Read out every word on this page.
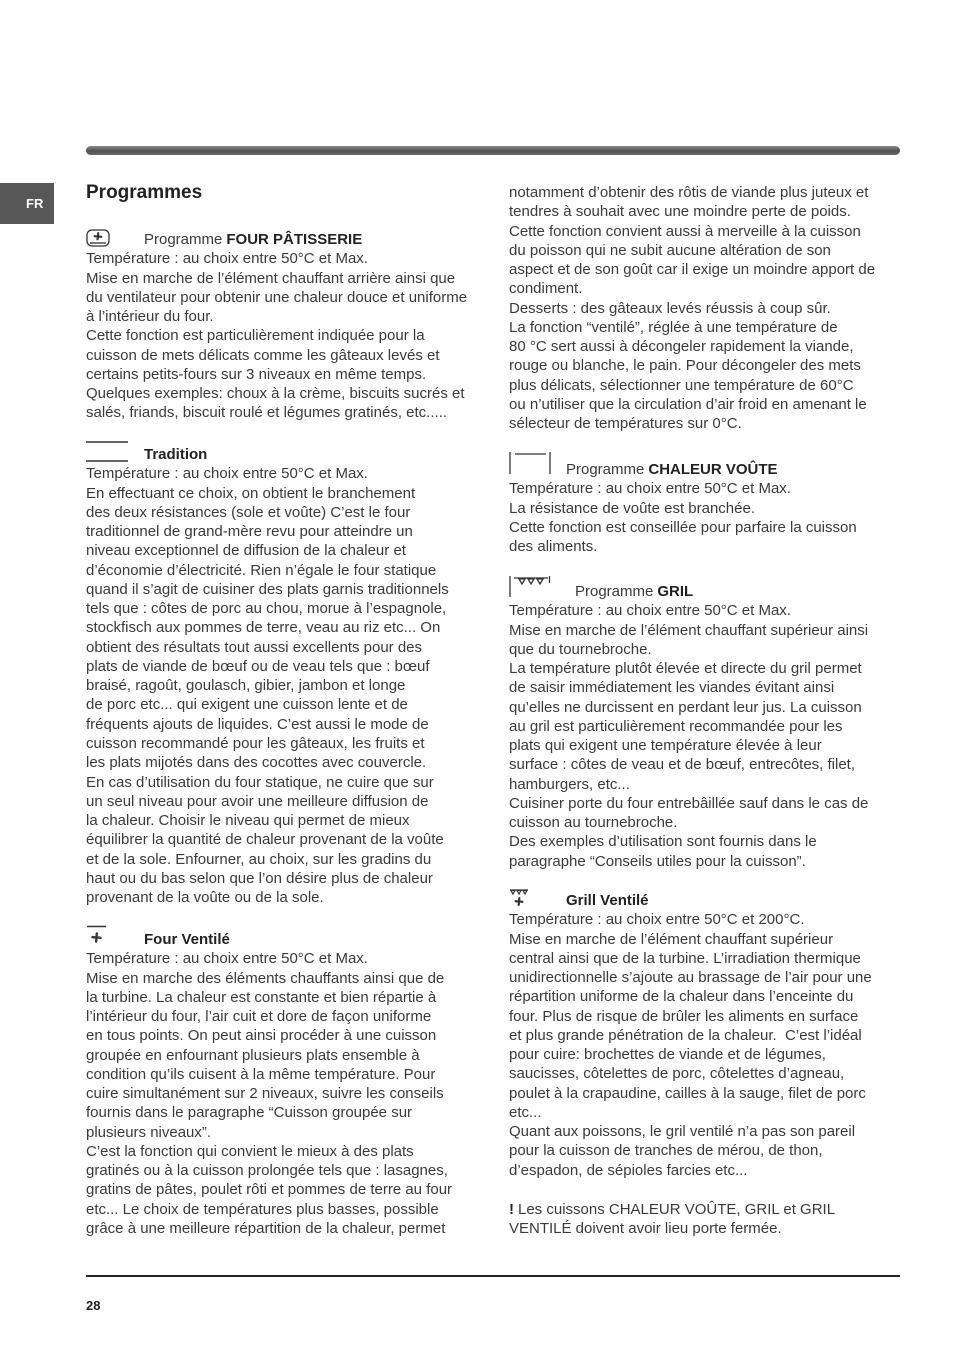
FR
Programmes
Programme FOUR PÂTISSERIE
Température : au choix entre 50°C et Max.
Mise en marche de l’élément chauffant arrière ainsi que
du ventilateur pour obtenir une chaleur douce et uniforme
à l’intérieur du four.
Cette fonction est particulièrement indiquée pour la
cuisson de mets délicats comme les gâteaux levés et
certains petits-fours sur 3 niveaux en même temps.
Quelques exemples: choux à la crème, biscuits sucrés et
salés, friands, biscuit roulé et légumes gratinés, etc.....
Tradition
Température : au choix entre 50°C et Max.
En effectuant ce choix, on obtient le branchement
des deux résistances (sole et voûte) C’est le four
traditionnel de grand-mère revu pour atteindre un
niveau exceptionnel de diffusion de la chaleur et
d’économie d’électricité. Rien n’égale le four statique
quand il s’agit de cuisiner des plats garnis traditionnels
tels que : côtes de porc au chou, morue à l’espagnole,
stockfisch aux pommes de terre, veau au riz etc... On
obtient des résultats tout aussi excellents pour des
plats de viande de bœuf ou de veau tels que : bœuf
braisé, ragoût, goulasch, gibier, jambon et longe
de porc etc... qui exigent une cuisson lente et de
fréquents ajouts de liquides. C’est aussi le mode de
cuisson recommandé pour les gâteaux, les fruits et
les plats mijotés dans des cocottes avec couvercle.
En cas d’utilisation du four statique, ne cuire que sur
un seul niveau pour avoir une meilleure diffusion de
la chaleur. Choisir le niveau qui permet de mieux
équilibrer la quantité de chaleur provenant de la voûte
et de la sole. Enfourner, au choix, sur les gradins du
haut ou du bas selon que l’on désire plus de chaleur
provenant de la voûte ou de la sole.
Four Ventilé
Température : au choix entre 50°C et Max.
Mise en marche des éléments chauffants ainsi que de
la turbine. La chaleur est constante et bien répartie à
l’intérieur du four, l’air cuit et dore de façon uniforme
en tous points. On peut ainsi procéder à une cuisson
groupée en enfournant plusieurs plats ensemble à
condition qu’ils cuisent à la même température. Pour
cuire simultanément sur 2 niveaux, suivre les conseils
fournis dans le paragraphe “Cuisson groupée sur
plusieurs niveaux”.
C’est la fonction qui convient le mieux à des plats
gratinés ou à la cuisson prolongée tels que : lasagnes,
gratins de pâtes, poulet rôti et pommes de terre au four
etc... Le choix de températures plus basses, possible
grâce à une meilleure répartition de la chaleur, permet
notamment d’obtenir des rôtis de viande plus juteux et
tendres à souhait avec une moindre perte de poids.
Cette fonction convient aussi à merveille à la cuisson
du poisson qui ne subit aucune altération de son
aspect et de son goût car il exige un moindre apport de
condiment.
Desserts : des gâteaux levés réussis à coup sûr.
La fonction “ventilé”, réglée à une température de
80 °C sert aussi à décongeler rapidement la viande,
rouge ou blanche, le pain. Pour décongeler des mets
plus délicats, sélectionner une température de 60°C
ou n’utiliser que la circulation d’air froid en amenant le
sélecteur de températures sur 0°C.
Programme CHALEUR VOÛTE
Température : au choix entre 50°C et Max.
La résistance de voûte est branchée.
Cette fonction est conseillée pour parfaire la cuisson
des aliments.
Programme GRIL
Température : au choix entre 50°C et Max.
Mise en marche de l’élément chauffant supérieur ainsi
que du tournebroche.
La température plutôt élevée et directe du gril permet
de saisir immédiatement les viandes évitant ainsi
qu’elles ne durcissent en perdant leur jus. La cuisson
au gril est particulièrement recommandée pour les
plats qui exigent une température élevée à leur
surface : côtes de veau et de bœuf, entrecôtes, filet,
hamburgers, etc...
Cuisiner porte du four entrebâillée sauf dans le cas de
cuisson au tournebroche.
Des exemples d’utilisation sont fournis dans le
paragraphe “Conseils utiles pour la cuisson”.
Grill Ventilé
Température : au choix entre 50°C et 200°C.
Mise en marche de l’élément chauffant supérieur
central ainsi que de la turbine. L’irradiation thermique
unidirectionnelle s’ajoute au brassage de l’air pour une
répartition uniforme de la chaleur dans l’enceinte du
four. Plus de risque de brûler les aliments en surface
et plus grande pénétration de la chaleur.  C’est l’idéal
pour cuire: brochettes de viande et de légumes,
saucisses, côtelettes de porc, côtelettes d’agneau,
poulet à la crapaudine, cailles à la sauge, filet de porc
etc...
Quant aux poissons, le gril ventilé n’a pas son pareil
pour la cuisson de tranches de mérou, de thon,
d’espadon, de sépioles farcies etc...
! Les cuissons CHALEUR VOÛTE, GRIL et GRIL
VENTILÉ doivent avoir lieu porte fermée.
28
